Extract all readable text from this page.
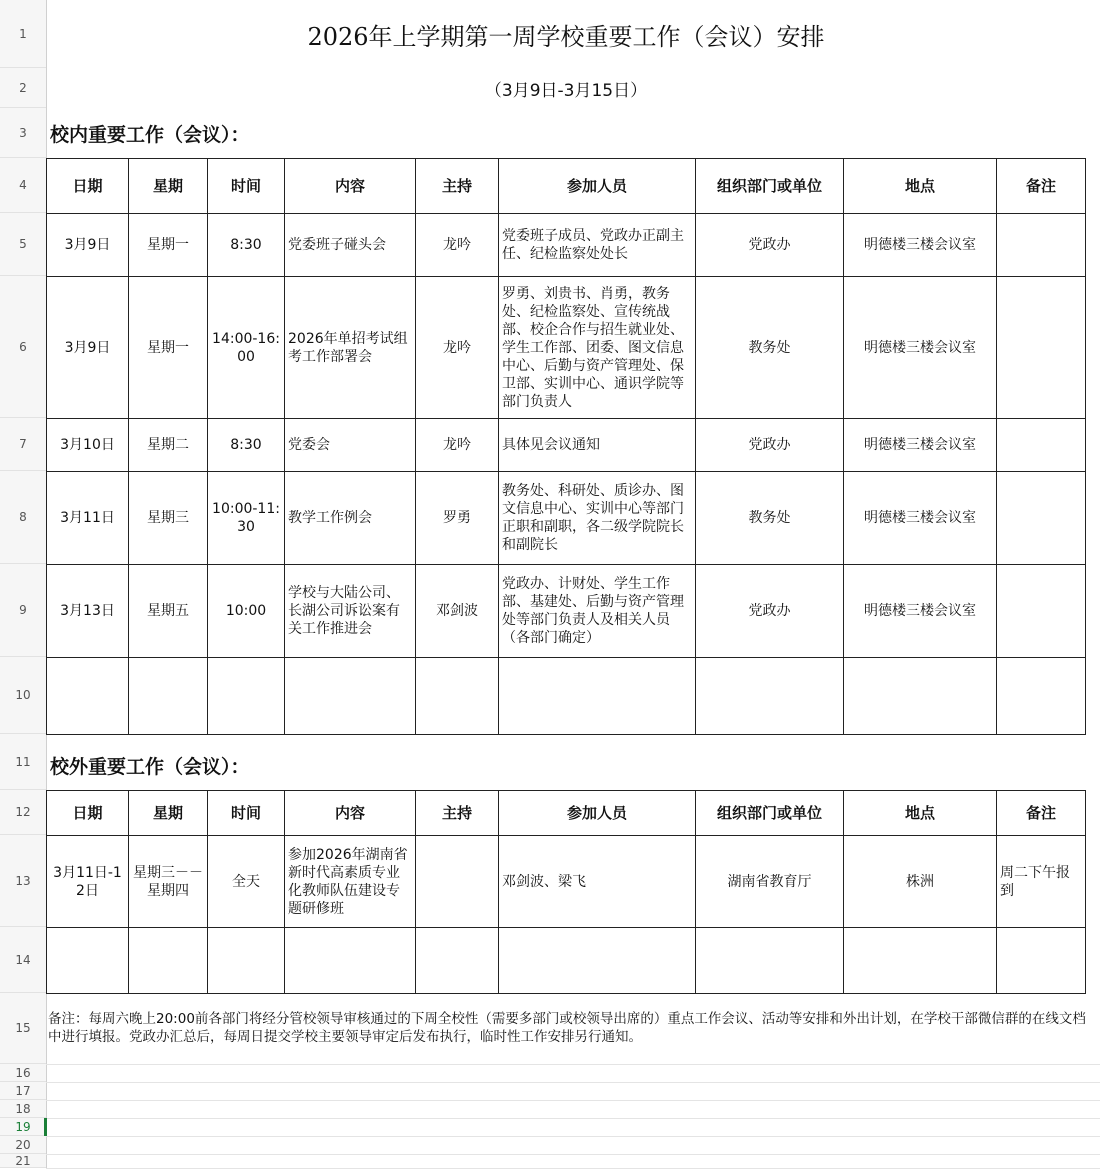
1
2
3
4
5
6
7
8
9
10
11
12
13
14
15
16
17
18
19
20
21
2026年上学期第一周学校重要工作（会议）安排
（3月9日-3月15日）
校内重要工作（会议）：
日期	星期	时间	内容	主持	参加人员	组织部门或单位	地点	备注
3月9日	星期一	8:30	党委班子碰头会	龙吟	党委班子成员、党政办正副主任、纪检监察处处长	党政办	明德楼三楼会议室	
3月9日	星期一	14:00-16:00	2026年单招考试组考工作部署会	龙吟	罗勇、刘贵书、肖勇，教务处、纪检监察处、宣传统战部、校企合作与招生就业处、学生工作部、团委、图文信息中心、后勤与资产管理处、保卫部、实训中心、通识学院等部门负责人	教务处	明德楼三楼会议室	
3月10日	星期二	8:30	党委会	龙吟	具体见会议通知	党政办	明德楼三楼会议室	
3月11日	星期三	10:00-11:30	教学工作例会	罗勇	教务处、科研处、质诊办、图文信息中心、实训中心等部门正职和副职，各二级学院院长和副院长	教务处	明德楼三楼会议室	
3月13日	星期五	10:00	学校与大陆公司、长湖公司诉讼案有关工作推进会	邓剑波	党政办、计财处、学生工作部、基建处、后勤与资产管理处等部门负责人及相关人员（各部门确定）	党政办	明德楼三楼会议室	

校外重要工作（会议）：
日期	星期	时间	内容	主持	参加人员	组织部门或单位	地点	备注
3月11日-12日	星期三－－星期四	全天	参加2026年湖南省新时代高素质专业化教师队伍建设专题研修班		邓剑波、梁飞	湖南省教育厅	株洲	周二下午报到

备注：每周六晚上20:00前各部门将经分管校领导审核通过的下周全校性（需要多部门或校领导出席的）重点工作会议、活动等安排和外出计划，在学校干部微信群的在线文档中进行填报。党政办汇总后，每周日提交学校主要领导审定后发布执行，临时性工作安排另行通知。
